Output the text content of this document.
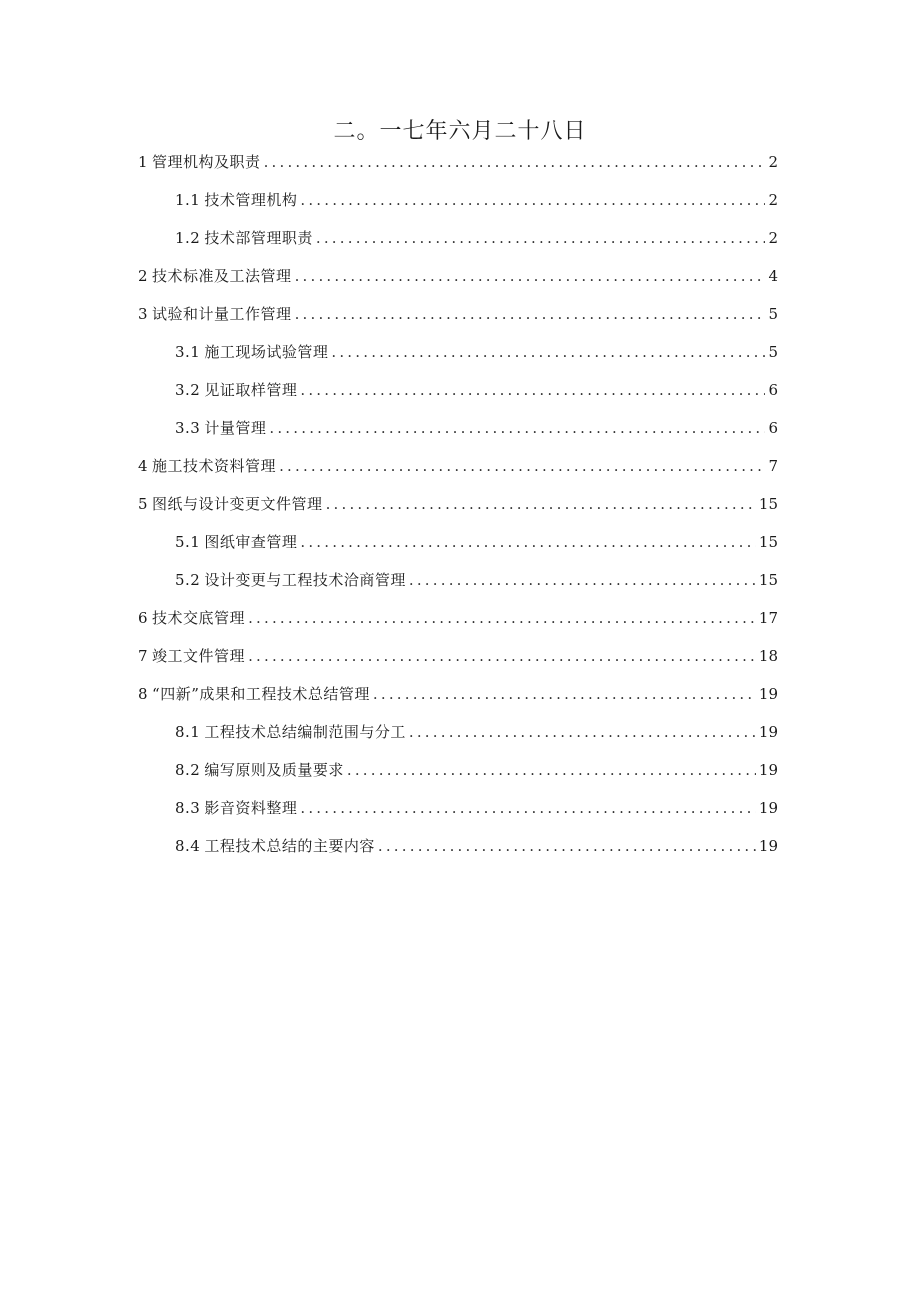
二。一七年六月二十八日
1 管理机构及职责 .....	2
1.1 技术管理机构 .....	2
1.2 技术部管理职责 .....	2
2 技术标准及工法管理 .....	4
3 试验和计量工作管理 .....	5
3.1 施工现场试验管理 .....	5
3.2 见证取样管理 .....	6
3.3 计量管理 .....	6
4 施工技术资料管理 .....	7
5 图纸与设计变更文件管理 .....	15
5.1 图纸审查管理 .....	15
5.2 设计变更与工程技术洽商管理 .....	15
6 技术交底管理 .....	17
7 竣工文件管理 .....	18
8 “四新”成果和工程技术总结管理 .....	19
8.1 工程技术总结编制范围与分工 .....	19
8.2 编写原则及质量要求 .....	19
8.3 影音资料整理 .....	19
8.4 工程技术总结的主要内容 .....	19
